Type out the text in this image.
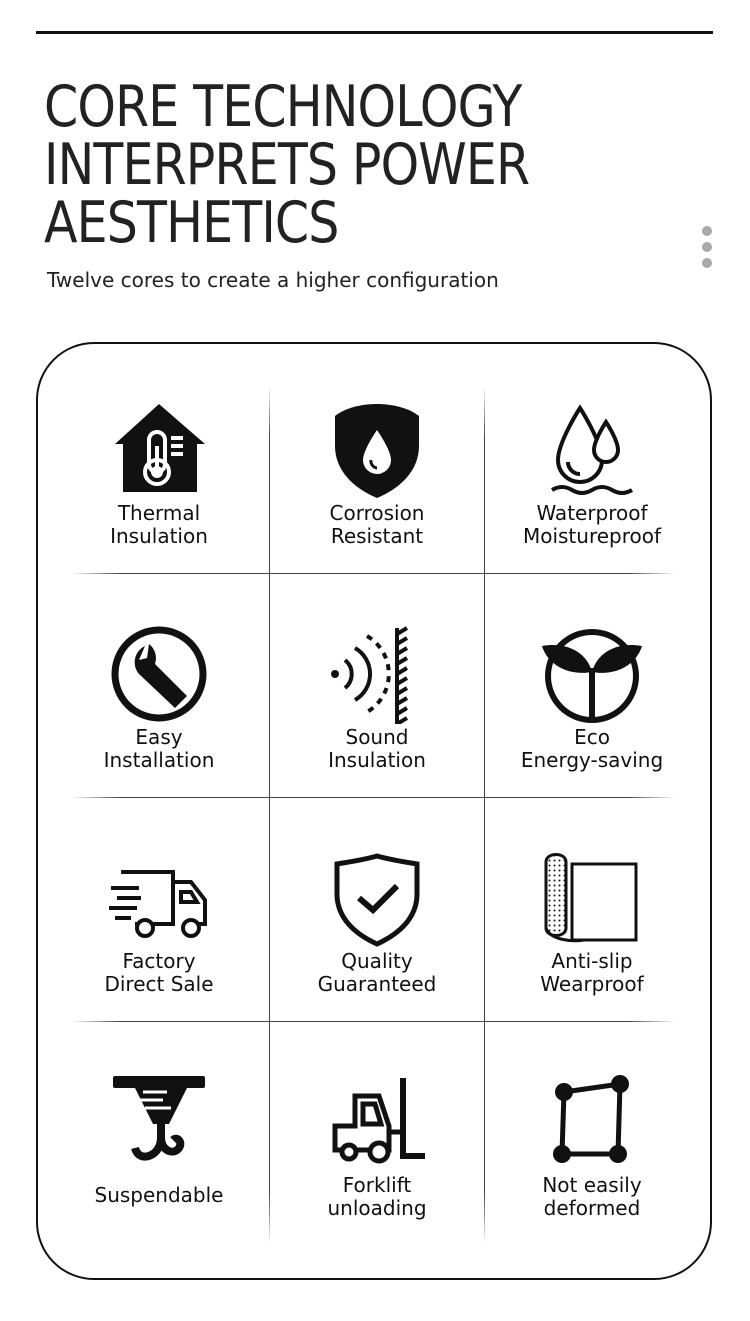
CORE TECHNOLOGY
INTERPRETS POWER
AESTHETICS

Twelve cores to create a higher configuration

Thermal
Insulation
Corrosion
Resistant
Waterproof
Moistureproof
Easy
Installation
Sound
Insulation
Eco
Energy-saving
Factory
Direct Sale
Quality
Guaranteed
Anti-slip
Wearproof
Suspendable	Forklift
unloading
Not easily
deformed
